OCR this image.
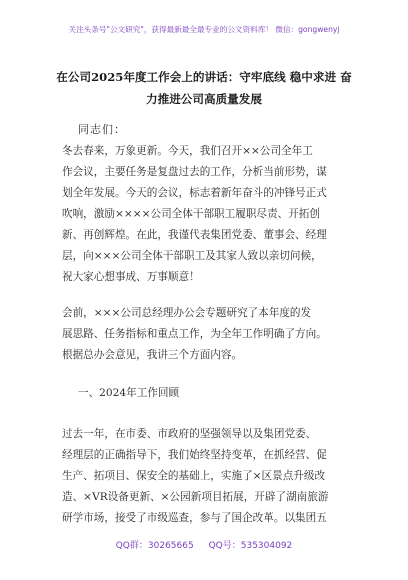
关注头条号"公文研究"，获得最新最全最专业的公文资料库！ 微信：gongwenyj
在公司2025年度工作会上的讲话：守牢底线 稳中求进 奋
力推进公司高质量发展
同志们：
冬去春来，万象更新。今天，我们召开××公司全年工
作会议，主要任务是复盘过去的工作，分析当前形势，谋
划全年发展。今天的会议，标志着新年奋斗的冲锋号正式
吹响，激励××××公司全体干部职工履职尽责、开拓创
新、再创辉煌。在此，我谨代表集团党委、董事会、经理
层，向×××公司全体干部职工及其家人致以亲切问候，
祝大家心想事成、万事顺意！
会前，×××公司总经理办公会专题研究了本年度的发
展思路、任务指标和重点工作，为全年工作明确了方向。
根据总办会意见，我讲三个方面内容。
一、2024年工作回顾
过去一年，在市委、市政府的坚强领导以及集团党委、
经理层的正确指导下，我们始终坚持变革，在抓经营、促
生产、拓项目、保安全的基础上，实施了×区景点升级改
造、×VR设备更新、×公园新项目拓展，开辟了湖南旅游
研学市场，接受了市级巡查，参与了国企改革。以集团五
QQ群：30265665 QQ号：535304092
